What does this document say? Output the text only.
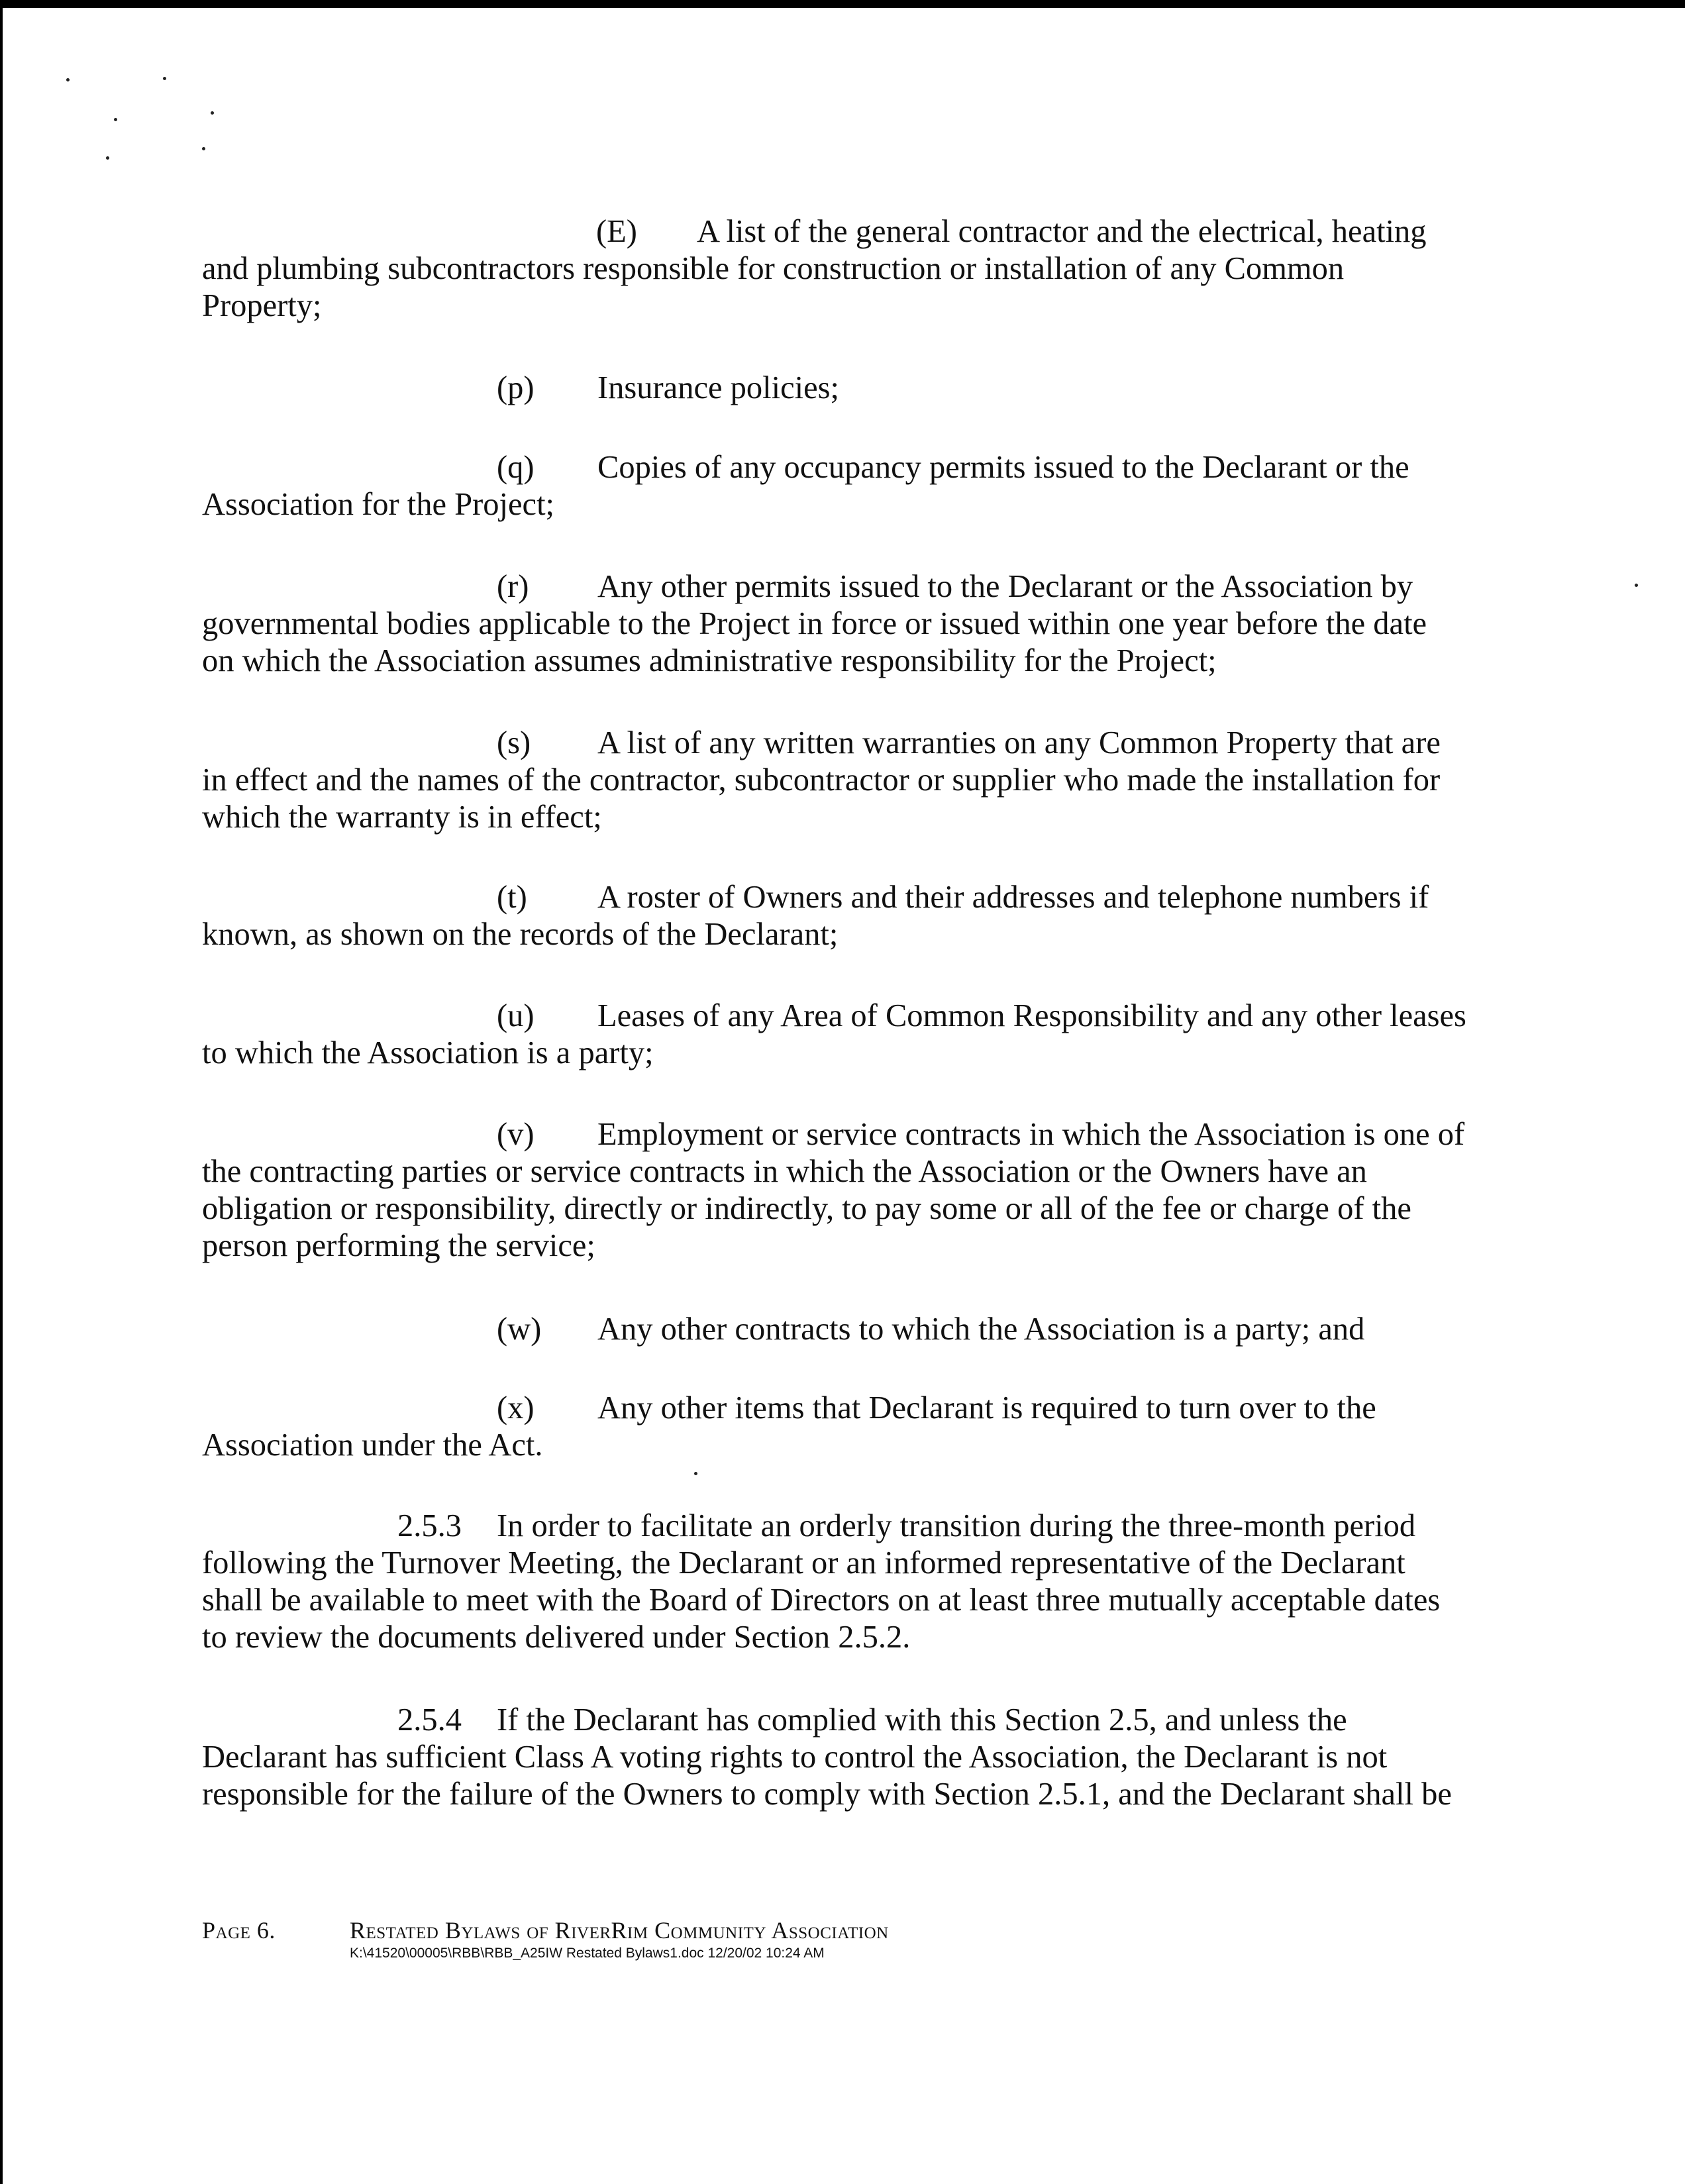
(E) A list of the general contractor and the electrical, heating
and plumbing subcontractors responsible for construction or installation of any Common
Property;
(p) Insurance policies;
(q) Copies of any occupancy permits issued to the Declarant or the
Association for the Project;
(r) Any other permits issued to the Declarant or the Association by
governmental bodies applicable to the Project in force or issued within one year before the date
on which the Association assumes administrative responsibility for the Project;
(s) A list of any written warranties on any Common Property that are
in effect and the names of the contractor, subcontractor or supplier who made the installation for
which the warranty is in effect;
(t) A roster of Owners and their addresses and telephone numbers if
known, as shown on the records of the Declarant;
(u) Leases of any Area of Common Responsibility and any other leases
to which the Association is a party;
(v) Employment or service contracts in which the Association is one of
the contracting parties or service contracts in which the Association or the Owners have an
obligation or responsibility, directly or indirectly, to pay some or all of the fee or charge of the
person performing the service;
(w) Any other contracts to which the Association is a party; and
(x) Any other items that Declarant is required to turn over to the
Association under the Act.
2.5.3 In order to facilitate an orderly transition during the three-month period
following the Turnover Meeting, the Declarant or an informed representative of the Declarant
shall be available to meet with the Board of Directors on at least three mutually acceptable dates
to review the documents delivered under Section 2.5.2.
2.5.4 If the Declarant has complied with this Section 2.5, and unless the
Declarant has sufficient Class A voting rights to control the Association, the Declarant is not
responsible for the failure of the Owners to comply with Section 2.5.1, and the Declarant shall be
Page 6.	Restated Bylaws of RiverRim Community Association
K:\41520\00005\RBB\RBB_A25IW Restated Bylaws1.doc 12/20/02 10:24 AM
